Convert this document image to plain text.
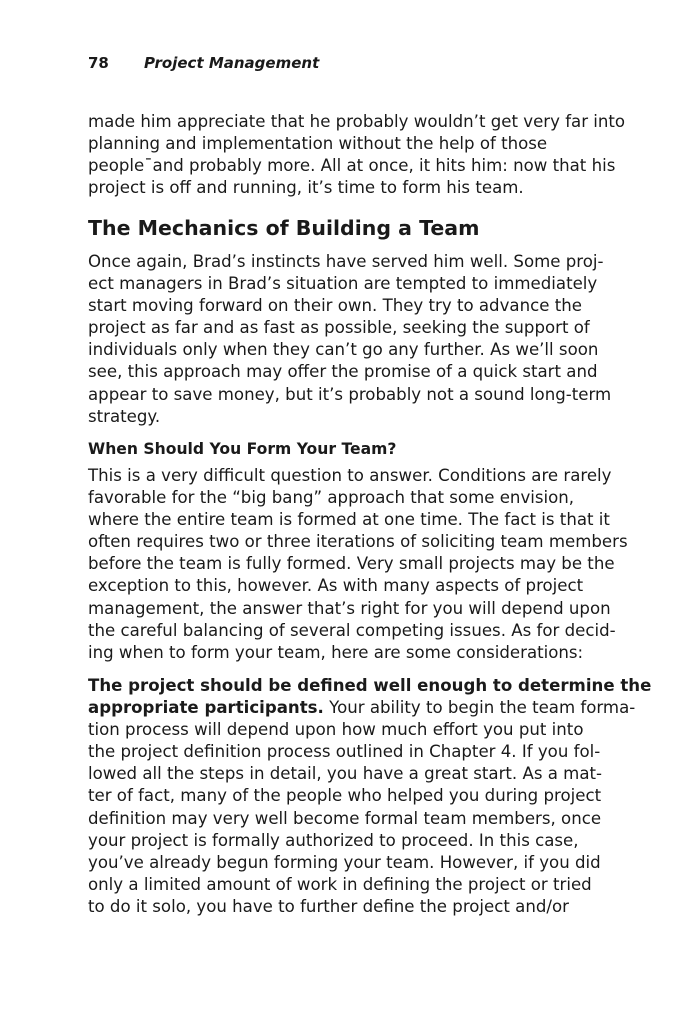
78 Project Management
made him appreciate that he probably wouldn’t get very far into
planning and implementation without the help of those
people¯and probably more. All at once, it hits him: now that his
project is off and running, it’s time to form his team.
The Mechanics of Building a Team
Once again, Brad’s instincts have served him well. Some proj-
ect managers in Brad’s situation are tempted to immediately
start moving forward on their own. They try to advance the
project as far and as fast as possible, seeking the support of
individuals only when they can’t go any further. As we’ll soon
see, this approach may offer the promise of a quick start and
appear to save money, but it’s probably not a sound long-term
strategy.
When Should You Form Your Team?
This is a very difficult question to answer. Conditions are rarely
favorable for the “big bang” approach that some envision,
where the entire team is formed at one time. The fact is that it
often requires two or three iterations of soliciting team members
before the team is fully formed. Very small projects may be the
exception to this, however. As with many aspects of project
management, the answer that’s right for you will depend upon
the careful balancing of several competing issues. As for decid-
ing when to form your team, here are some considerations:
The project should be defined well enough to determine the
appropriate participants. Your ability to begin the team forma-
tion process will depend upon how much effort you put into
the project definition process outlined in Chapter 4. If you fol-
lowed all the steps in detail, you have a great start. As a mat-
ter of fact, many of the people who helped you during project
definition may very well become formal team members, once
your project is formally authorized to proceed. In this case,
you’ve already begun forming your team. However, if you did
only a limited amount of work in defining the project or tried
to do it solo, you have to further define the project and/or
